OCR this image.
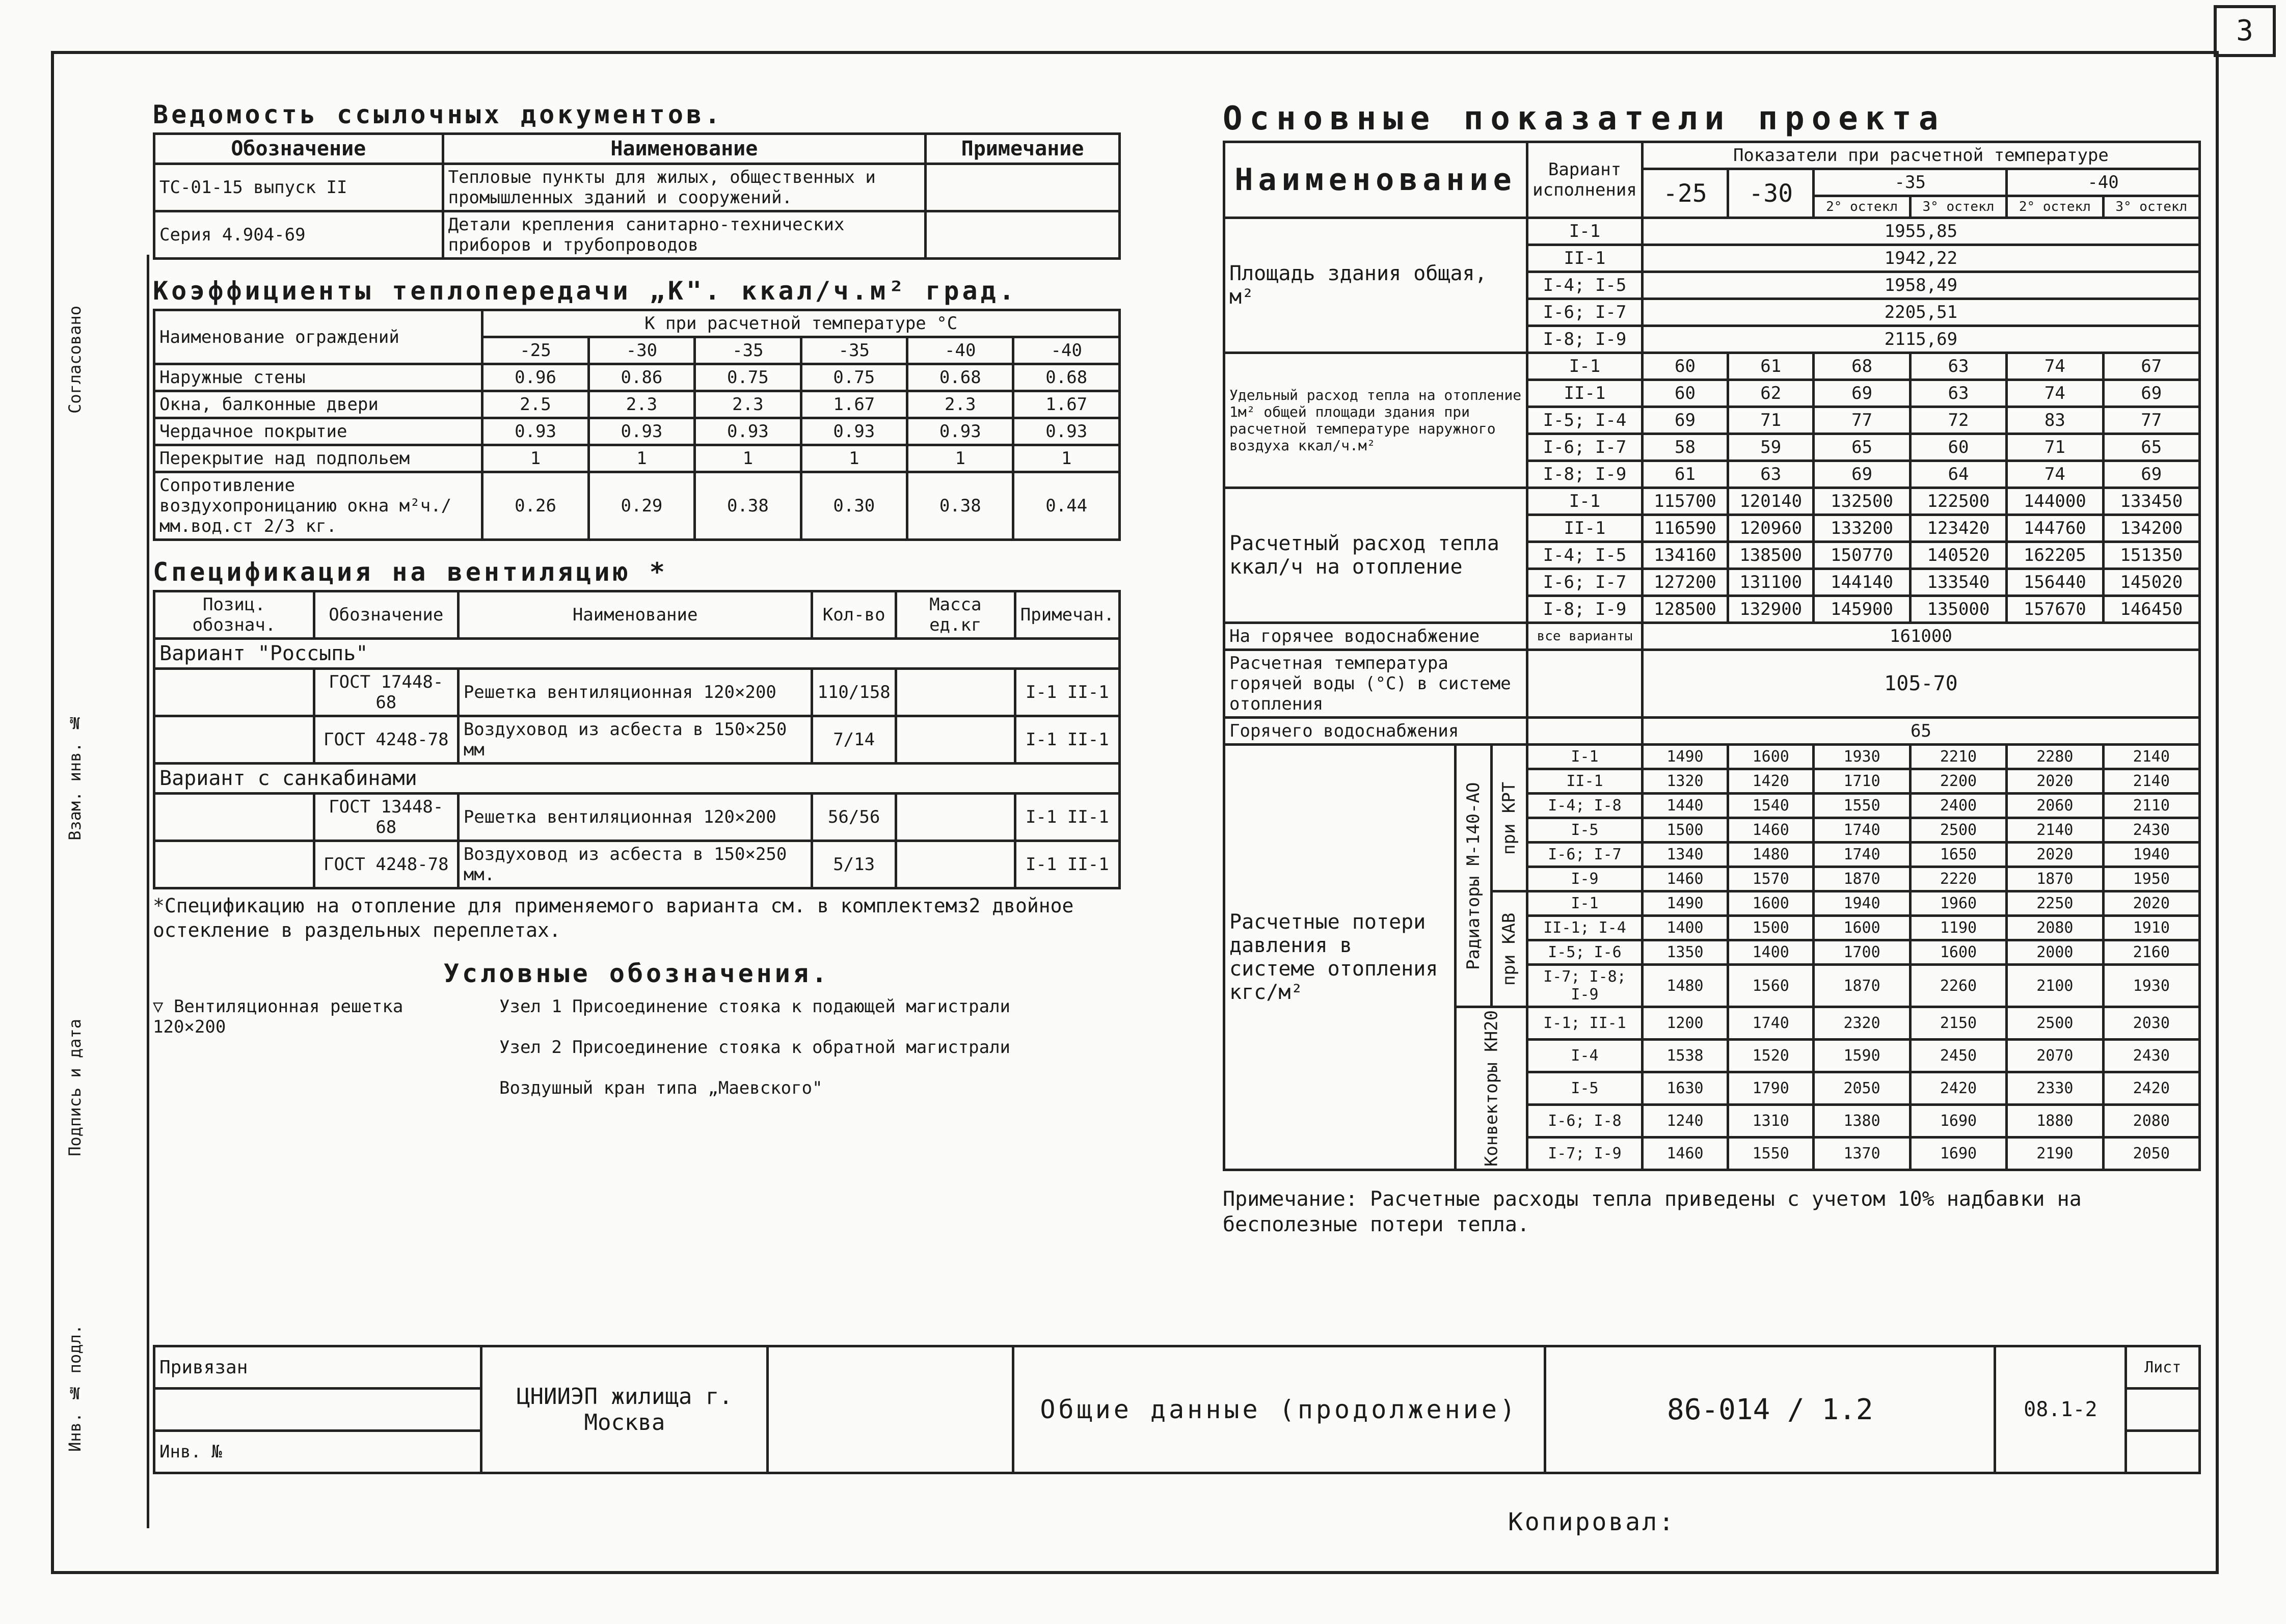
3
Согласовано
Взам. инв. №
Подпись и дата
Инв. № подл.
Ведомость ссылочных документов.
Обозначение	Наименование	Примечание
ТС-01-15 выпуск II	Тепловые пункты для жилых, общественных и промышленных зданий и сооружений.	
Серия 4.904-69	Детали крепления санитарно-технических приборов и трубопроводов	
Коэффициенты теплопередачи „К". ккал/ч.м² град.
Наименование ограждений	К при расчетной температуре °С					
	-25	-30	-35	-35	-40	-40
Наружные стены	0.96	0.86	0.75	0.75	0.68	0.68
Окна, балконные двери	2.5	2.3	2.3	1.67	2.3	1.67
Чердачное покрытие	0.93	0.93	0.93	0.93	0.93	0.93
Перекрытие над подпольем	1	1	1	1	1	1
Сопротивление воздухопроницанию окна м²ч./мм.вод.ст 2/3 кг.	0.26	0.29	0.38	0.30	0.38	0.44
Спецификация на вентиляцию *
Позиц. обознач.	Обозначение	Наименование	Кол-во	Масса ед.кг	Примечан.
Вариант "Россыпь"					
	ГОСТ 17448-68	Решетка вентиляционная 120×200	110/158		I-1 II-1
	ГОСТ 4248-78	Воздуховод из асбеста в 150×250 мм	7/14		I-1 II-1
Вариант с санкабинами					
	ГОСТ 13448-68	Решетка вентиляционная 120×200	56/56		I-1 II-1
	ГОСТ 4248-78	Воздуховод из асбеста в 150×250 мм.	5/13		I-1 II-1
*Спецификацию на отопление для применяемого варианта см. в комплектемз2 двойное остекление в раздельных переплетах.
Условные обозначения.
▽ Вентиляционная решетка 120×200
Узел 1 Присоединение стояка к подающей магистрали
Узел 2 Присоединение стояка к обратной магистрали
Воздушный кран типа „Маевского"
Основные показатели проекта
Наименование			Вариант исполнения	Показатели при расчетной температуре					
				-25	-30	-35		-40	
						2° остекл	3° остекл	2° остекл	3° остекл
Площадь здания общая, м²			I-1	1955,85					
			II-1	1942,22					
			I-4; I-5	1958,49					
			I-6; I-7	2205,51					
			I-8; I-9	2115,69					
Удельный расход тепла на отопление 1м² общей площади здания при расчетной температуре наружного воздуха ккал/ч.м²			I-1	60	61	68	63	74	67
			II-1	60	62	69	63	74	69
			I-5; I-4	69	71	77	72	83	77
			I-6; I-7	58	59	65	60	71	65
			I-8; I-9	61	63	69	64	74	69
Расчетный расход тепла ккал/ч на отопление			I-1	115700	120140	132500	122500	144000	133450
			II-1	116590	120960	133200	123420	144760	134200
			I-4; I-5	134160	138500	150770	140520	162205	151350
			I-6; I-7	127200	131100	144140	133540	156440	145020
			I-8; I-9	128500	132900	145900	135000	157670	146450
На горячее водоснабжение			все варианты	161000					
Расчетная температура горячей воды (°С) в системе отопления				105-70					
Горячего водоснабжения				65					
Расчетные потери давления в системе отопления кгс/м²	Радиаторы М-140-АО	при КРТ	I-1	1490	1600	1930	2210	2280	2140
			II-1	1320	1420	1710	2200	2020	2140
			I-4; I-8	1440	1540	1550	2400	2060	2110
			I-5	1500	1460	1740	2500	2140	2430
			I-6; I-7	1340	1480	1740	1650	2020	1940
			I-9	1460	1570	1870	2220	1870	1950
		при КАВ	I-1	1490	1600	1940	1960	2250	2020
			II-1; I-4	1400	1500	1600	1190	2080	1910
			I-5; I-6	1350	1400	1700	1600	2000	2160
			I-7; I-8; I-9	1480	1560	1870	2260	2100	1930
	Конвекторы КН20		I-1; II-1	1200	1740	2320	2150	2500	2030
			I-4	1538	1520	1590	2450	2070	2430
			I-5	1630	1790	2050	2420	2330	2420
			I-6; I-8	1240	1310	1380	1690	1880	2080
			I-7; I-9	1460	1550	1370	1690	2190	2050
Примечание: Расчетные расходы тепла приведены с учетом 10% надбавки на бесполезные потери тепла.
Привязан	ЦНИИЭП жилища г. Москва		Общие данные (продолжение)	86-014 / 1.2	08.1-2	Лист

Инв. №						
Копировал:
